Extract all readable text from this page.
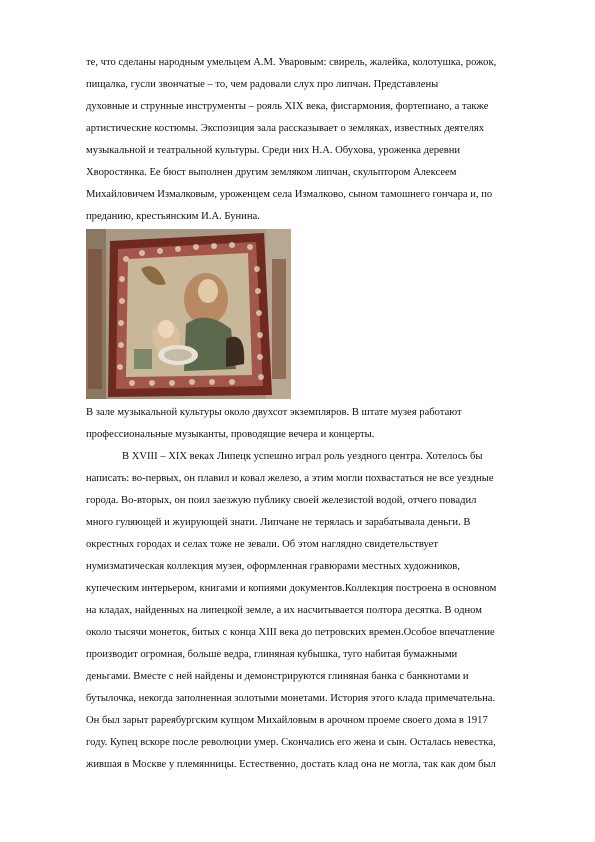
те, что сделаны народным умельцем А.М. Уваровым: свирель, жалейка, колотушка, рожок,
пищалка, гусли звончатые – то, чем радовали слух про липчан. Представлены
духовные и струнные инструменты – рояль XIX века, фисгармония, фортепиано, а также
артистические костюмы. Экспозиция зала рассказывает о земляках, известных деятелях
музыкальной и театральной культуры. Среди них Н.А. Обухова, уроженка деревни
Хворостянка. Ее бюст выполнен другим земляком липчан, скульптором Алексеем
Михайловичем Измалковым, уроженцем села Измалково, сыном тамошнего гончара и, по
преданию, крестьянским И.А. Бунина.
В зале музыкальной культуры около двухсот экземпляров. В штате музея работают
профессиональные музыканты, проводящие вечера и концерты.
В XVIII – XIX веках Липецк успешно играл роль уездного центра. Хотелось бы
написать: во-первых, он плавил и ковал железо, а этим могли похвастаться не все уездные
города. Во-вторых, он поил заезжую публику своей железистой водой, отчего повадил
много гуляющей и жуирующей знати. Липчане не терялась и зарабатывала деньги. В
окрестных городах и селах тоже не зевали. Об этом наглядно свидетельствует
нумизматическая коллекция музея, оформленная гравюрами местных художников,
купеческим интерьером, книгами и копиями документов.Коллекция построена в основном
на кладах, найденных на липецкой земле, а их насчитывается полтора десятка. В одном
около тысячи монеток, битых с конца XIII века до петровских времен.Особое впечатление
производит огромная, больше ведра, глиняная кубышка, туго набитая бумажными
деньгами. Вместе с ней найдены и демонстрируются глиняная банка с банкнотами и
бутылочка, некогда заполненная золотыми монетами. История этого клада примечательна.
Он был зарыт рареябургским купцом Михайловым в арочном проеме своего дома в 1917
году. Купец вскоре после революции умер. Скончались его жена и сын. Осталась невестка,
жившая в Москве у племянницы. Естественно, достать клад она не могла, так как дом был
